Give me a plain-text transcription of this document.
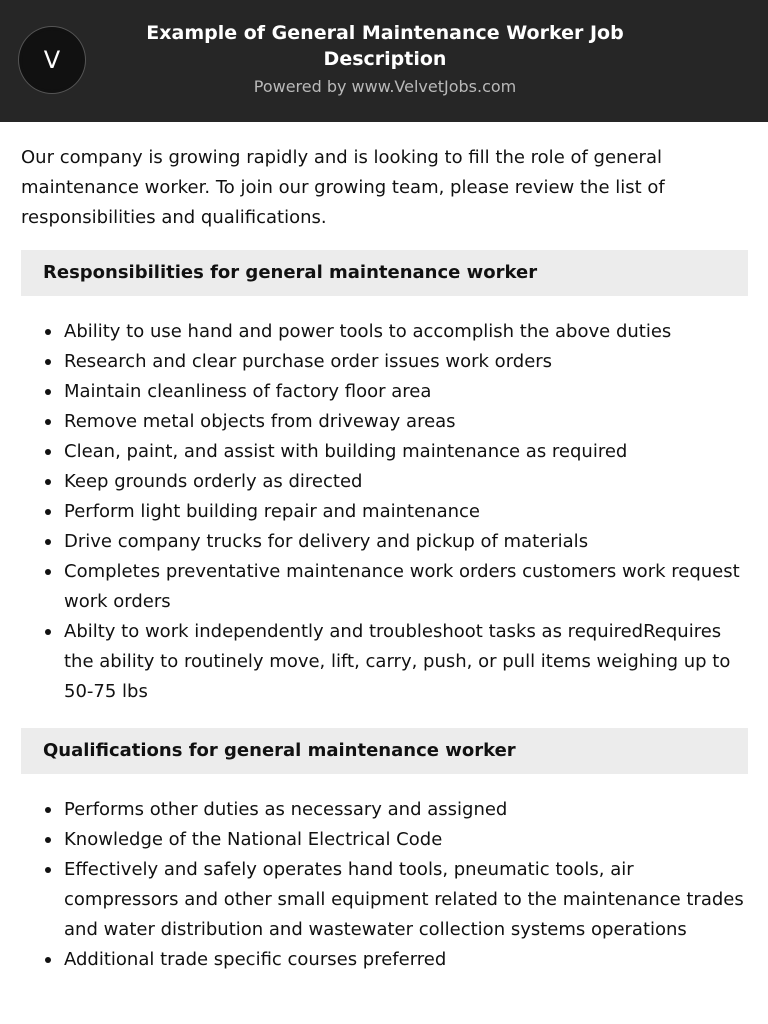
V
Example of General Maintenance Worker Job Description
Powered by www.VelvetJobs.com

Our company is growing rapidly and is looking to fill the role of general maintenance worker. To join our growing team, please review the list of responsibilities and qualifications.

Responsibilities for general maintenance worker
Ability to use hand and power tools to accomplish the above duties
Research and clear purchase order issues work orders
Maintain cleanliness of factory floor area
Remove metal objects from driveway areas
Clean, paint, and assist with building maintenance as required
Keep grounds orderly as directed
Perform light building repair and maintenance
Drive company trucks for delivery and pickup of materials
Completes preventative maintenance work orders customers work request work orders
Abilty to work independently and troubleshoot tasks as requiredRequires the ability to routinely move, lift, carry, push, or pull items weighing up to 50-75 lbs
Qualifications for general maintenance worker
Performs other duties as necessary and assigned
Knowledge of the National Electrical Code
Effectively and safely operates hand tools, pneumatic tools, air compressors and other small equipment related to the maintenance trades and water distribution and wastewater collection systems operations
Additional trade specific courses preferred
